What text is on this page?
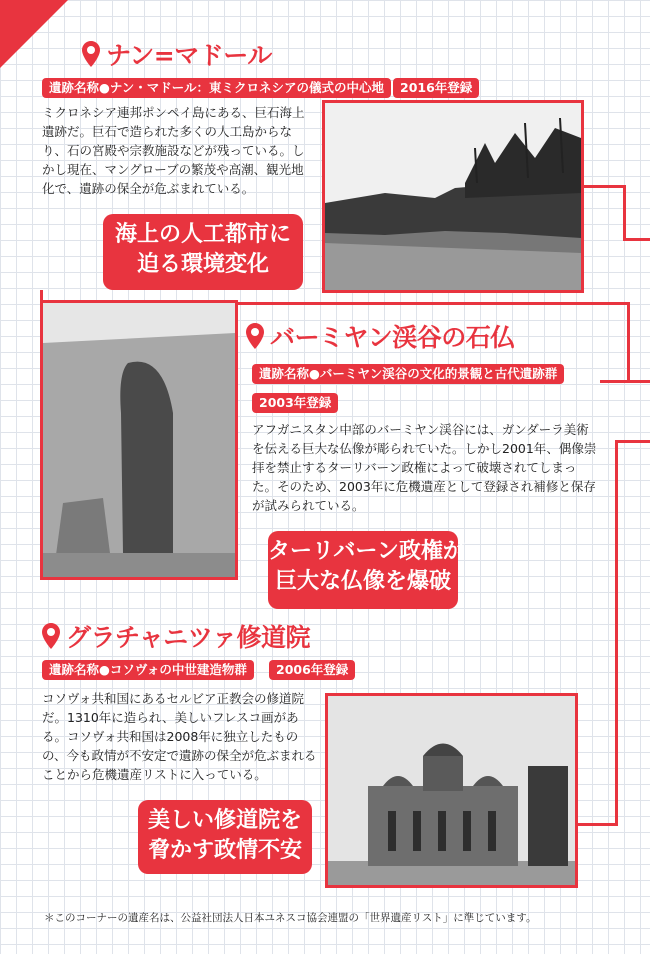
ナン=マドール
遺跡名称●ナン・マドール：東ミクロネシアの儀式の中心地	2016年登録
ミクロネシア連邦ポンペイ島にある、巨石海上遺跡だ。巨石で造られた多くの人工島からなり、石の宮殿や宗教施設などが残っている。しかし現在、マングローブの繁茂や高潮、観光地化で、遺跡の保全が危ぶまれている。
海上の人工都市に
迫る環境変化
バーミヤン渓谷の石仏
遺跡名称●バーミヤン渓谷の文化的景観と古代遺跡群
2003年登録
アフガニスタン中部のバーミヤン渓谷には、ガンダーラ美術を伝える巨大な仏像が彫られていた。しかし2001年、偶像崇拝を禁止するターリバーン政権によって破壊されてしまった。そのため、2003年に危機遺産として登録され補修と保存が試みられている。
ターリバーン政権が
巨大な仏像を爆破
グラチャニツァ修道院
遺跡名称●コソヴォの中世建造物群	2006年登録
コソヴォ共和国にあるセルビア正教会の修道院だ。1310年に造られ、美しいフレスコ画がある。コソヴォ共和国は2008年に独立したものの、今も政情が不安定で遺跡の保全が危ぶまれることから危機遺産リストに入っている。
美しい修道院を
脅かす政情不安
＊このコーナーの遺産名は、公益社団法人日本ユネスコ協会連盟の「世界遺産リスト」に準じています。
